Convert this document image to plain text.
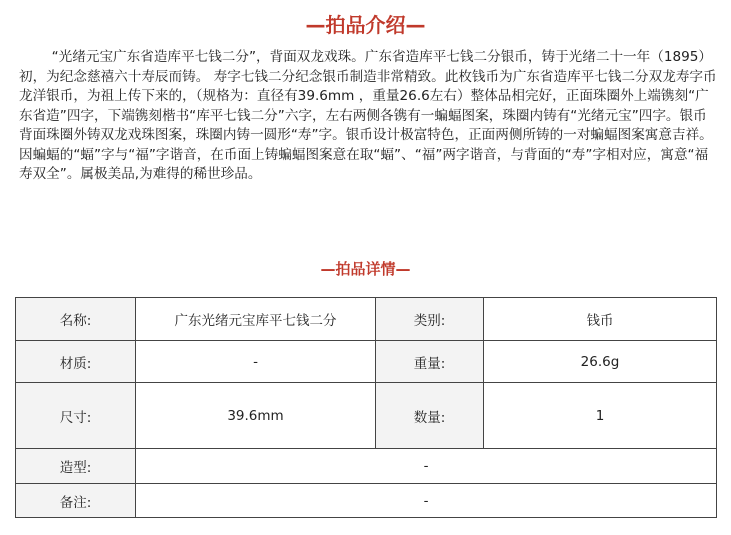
—拍品介绍—

“光绪元宝广东省造库平七钱二分”，背面双龙戏珠。广东省造库平七钱二分银币，铸于光绪二十一年（1895）初，为纪念慈禧六十寿辰而铸。 寿字七钱二分纪念银币制造非常精致。此枚钱币为广东省造库平七钱二分双龙寿字币龙洋银币，为祖上传下来的，（规格为：直径有39.6mm ，重量26.6左右）整体品相完好，正面珠圈外上端镌刻“广东省造”四字，下端镌刻楷书“库平七钱二分”六字，左右两侧各镌有一蝙蝠图案，珠圈内铸有“光绪元宝”四字。银币背面珠圈外铸双龙戏珠图案，珠圈内铸一圆形“寿”字。银币设计极富特色，正面两侧所铸的一对蝙蝠图案寓意吉祥。因蝙蝠的“蝠”字与“福”字谐音，在币面上铸蝙蝠图案意在取“蝠”、“福”两字谐音，与背面的“寿”字相对应，寓意“福寿双全”。属极美品,为难得的稀世珍品。

—拍品详情—
名称:	广东光绪元宝库平七钱二分	类别:	钱币
材质:	-	重量:	26.6g
尺寸:	39.6mm	数量:	1
造型:	-		
备注:	-		
